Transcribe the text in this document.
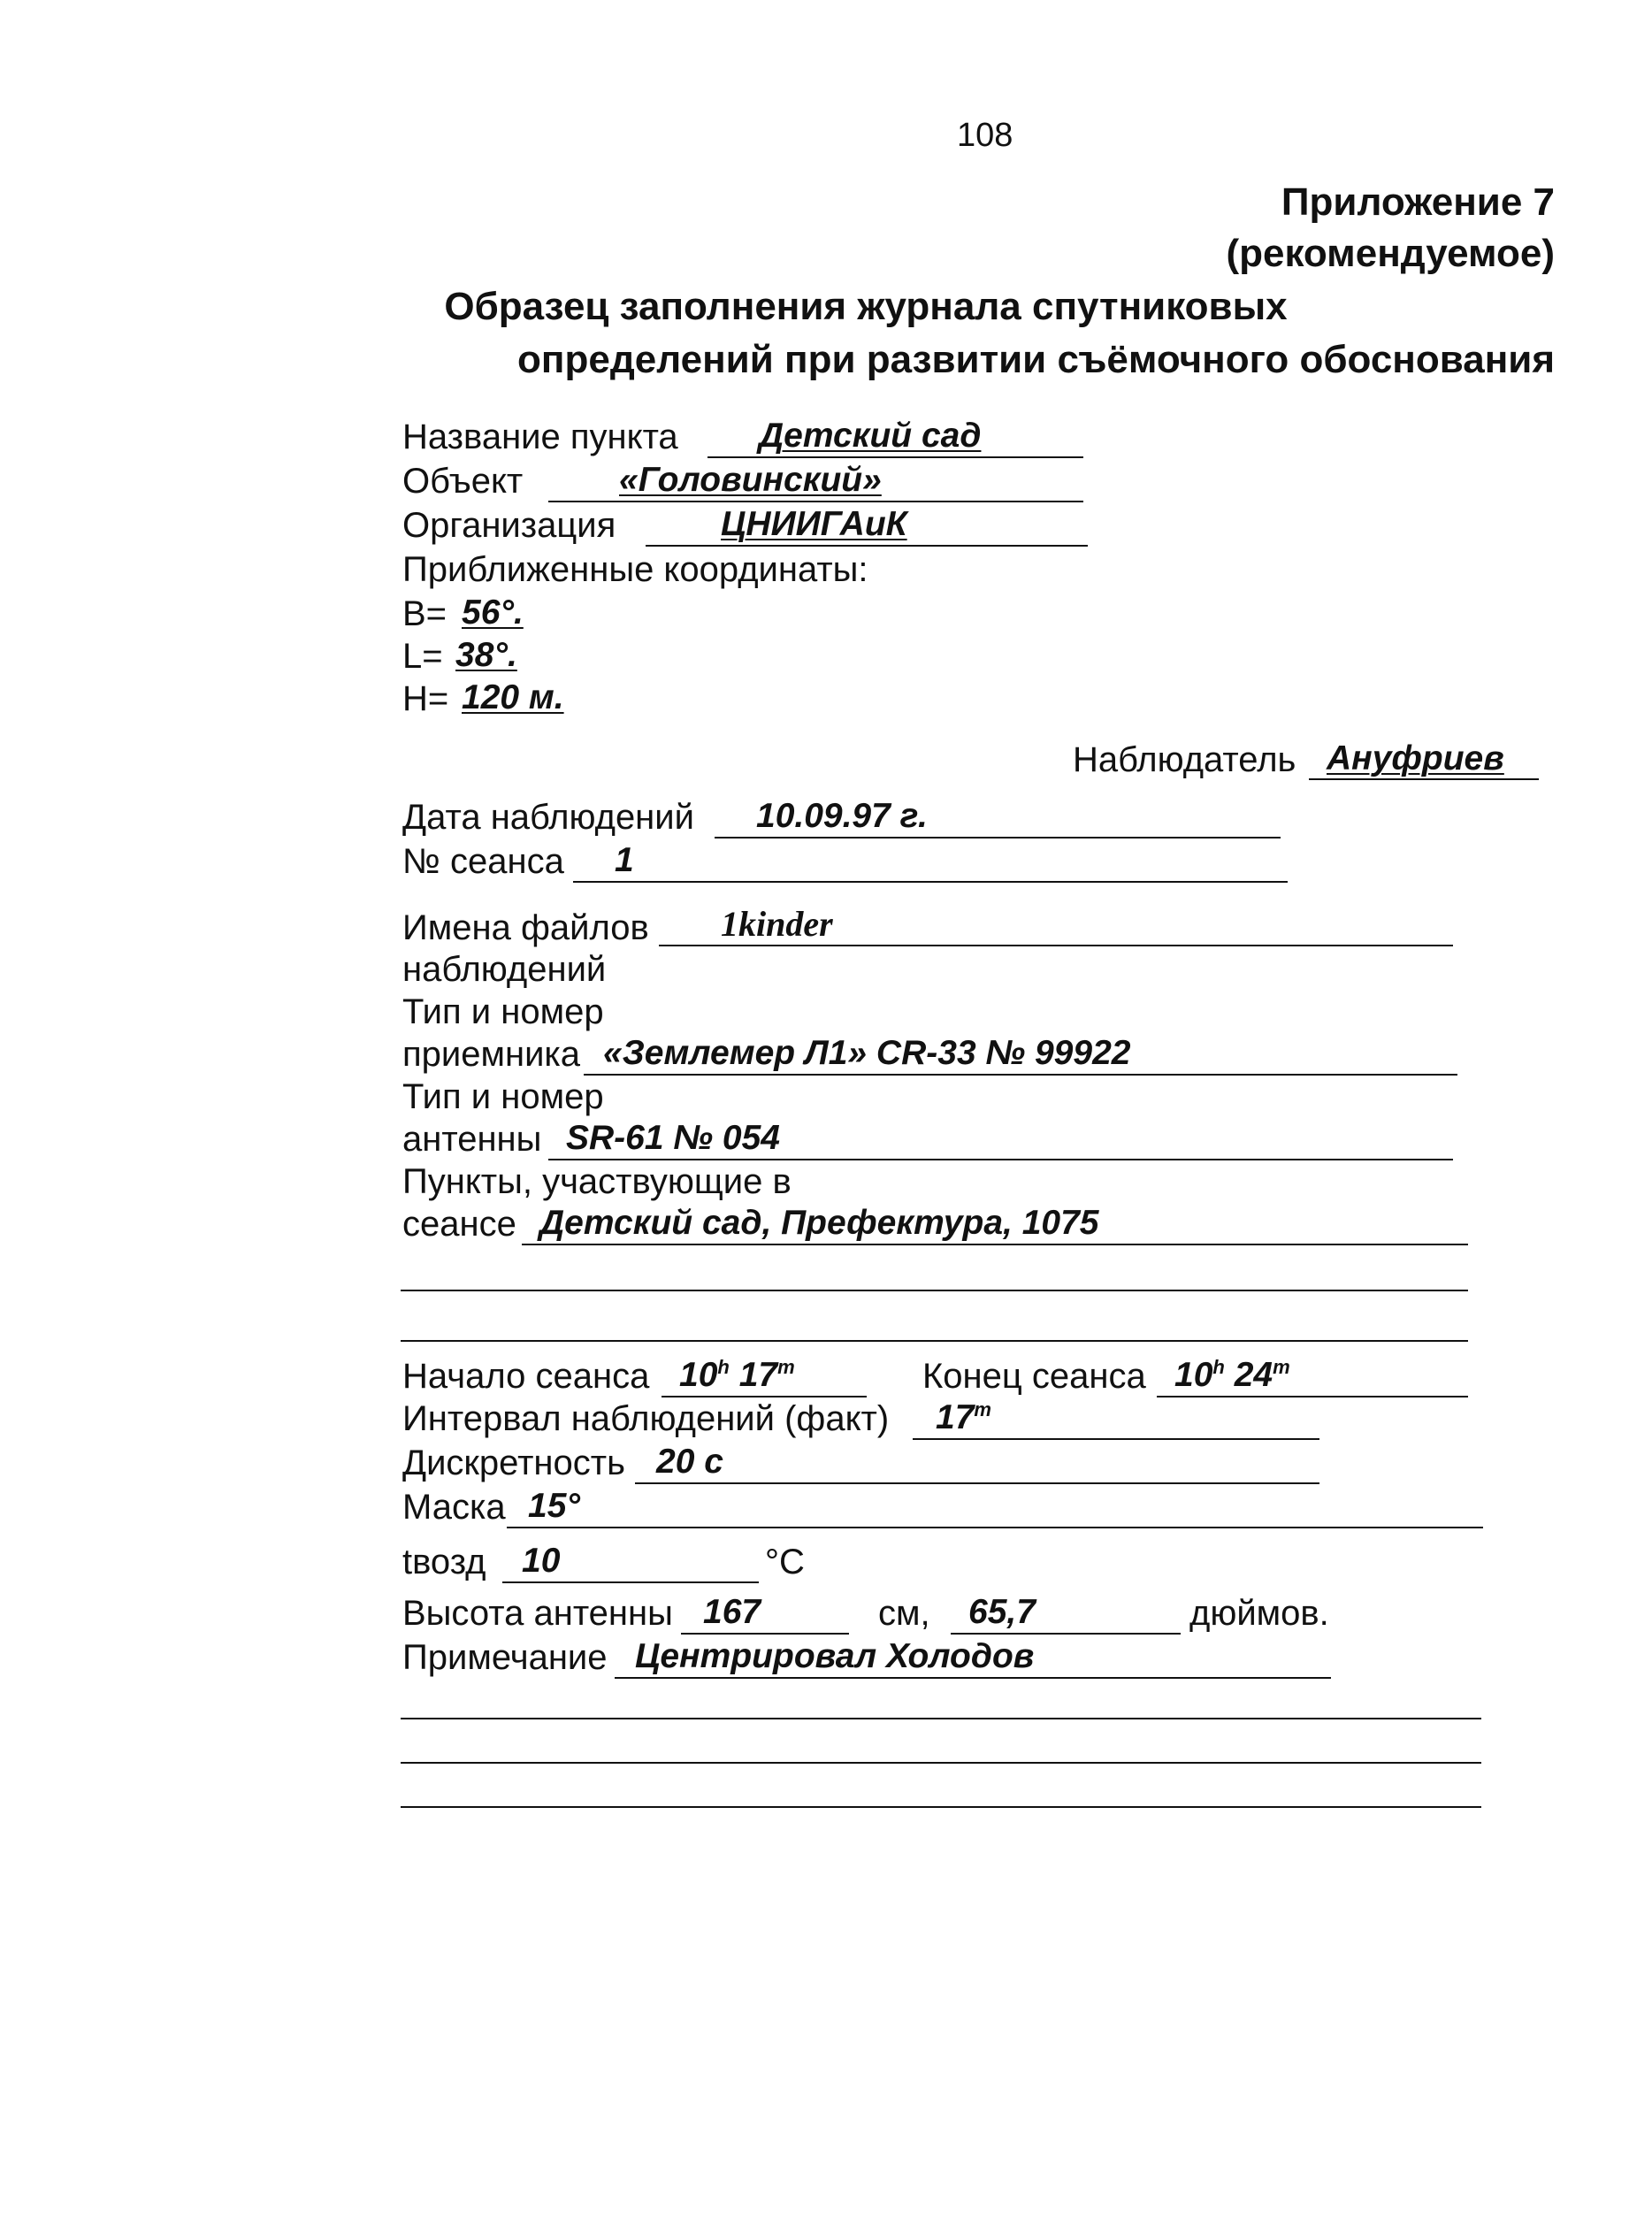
108
Приложение 7
(рекомендуемое)
Образец заполнения журнала спутниковых
определений при развитии съёмочного обоснования
Название пункта Детский сад
Объект	«Головинский»
Организация	ЦНИИГАиК
Приближенные координаты:
B= 56°.
L= 38°.
H= 120 м.
Наблюдатель Ануфриев
Дата наблюдений 10.09.97 г.
№ сеанса 1
Имена файлов 1kinder
наблюдений
Тип и номер
приемника «Землемер Л1» CR-33 № 99922
Тип и номер
антенны SR-61 № 054
Пункты, участвующие в
сеансе Детский сад, Префектура, 1075
Начало сеанса 10$^h$ 17$^m$	Конец сеанса 10$^h$ 24$^m$
Интервал наблюдений (факт) 17$^m$
Дискретность 20 с
Маска 15°
tвозд 10	°C
Высота антенны 167	см, 65,7	дюймов.
Примечание Центрировал Холодов
